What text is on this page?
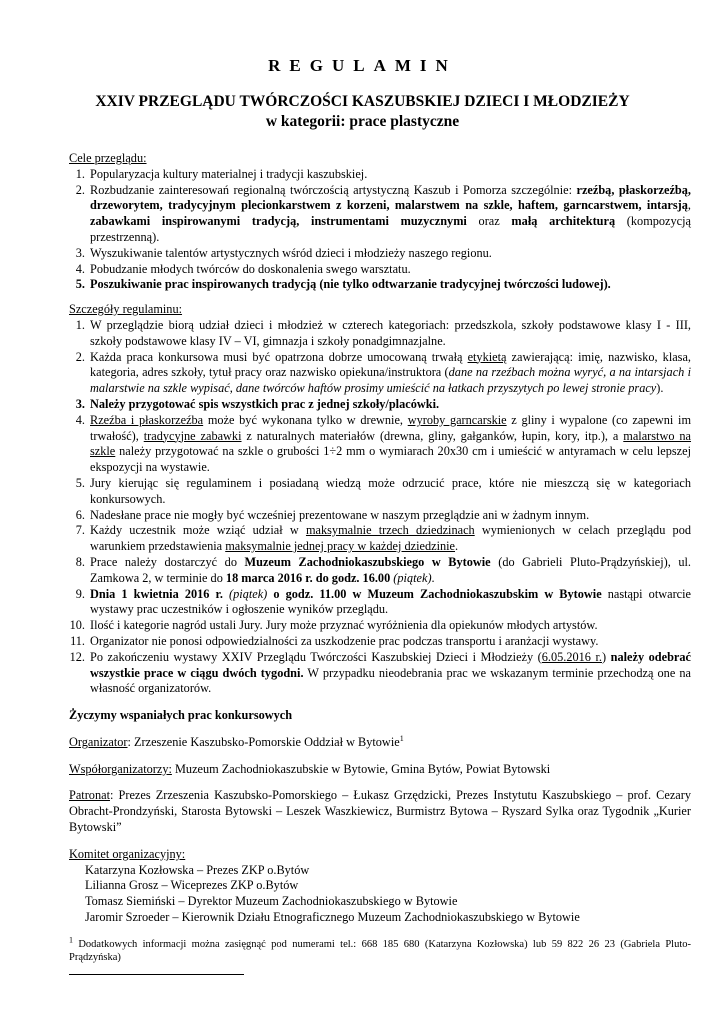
REGULAMIN
XXIV PRZEGLĄDU TWÓRCZOŚCI KASZUBSKIEJ DZIECI I MŁODZIEŻY
w kategorii: prace plastyczne
Cele przeglądu:
1. Popularyzacja kultury materialnej i tradycji kaszubskiej.
2. Rozbudzanie zainteresowań regionalną twórczością artystyczną Kaszub i Pomorza szczególnie: rzeźbą, płaskorzeźbą, drzeworytem, tradycyjnym plecionkarstwem z korzeni, malarstwem na szkle, haftem, garncarstwem, intarsją, zabawkami inspirowanymi tradycją, instrumentami muzycznymi oraz małą architekturą (kompozycją przestrzenną).
3. Wyszukiwanie talentów artystycznych wśród dzieci i młodzieży naszego regionu.
4. Pobudzanie młodych twórców do doskonalenia swego warsztatu.
5. Poszukiwanie prac inspirowanych tradycją (nie tylko odtwarzanie tradycyjnej twórczości ludowej).
Szczegóły regulaminu:
1. W przeglądzie biorą udział dzieci i młodzież w czterech kategoriach: przedszkola, szkoły podstawowe klasy I - III, szkoły podstawowe klasy IV – VI, gimnazja i szkoły ponadgimnazjalne.
2. Każda praca konkursowa musi być opatrzona dobrze umocowaną trwałą etykietą zawierającą: imię, nazwisko, klasa, kategoria, adres szkoły, tytuł pracy oraz nazwisko opiekuna/instruktora (dane na rzeźbach można wyryć, a na intarsjach i malarstwie na szkle wypisać, dane twórców haftów prosimy umieścić na łatkach przyszytych po lewej stronie pracy).
3. Należy przygotować spis wszystkich prac z jednej szkoły/placówki.
4. Rzeźba i płaskorzeźba może być wykonana tylko w drewnie, wyroby garncarskie z gliny i wypalone (co zapewni im trwałość), tradycyjne zabawki z naturalnych materiałów (drewna, gliny, gałganków, łupin, kory, itp.), a malarstwo na szkle należy przygotować na szkle o grubości 1÷2 mm o wymiarach 20x30 cm i umieścić w antyramach w celu lepszej ekspozycji na wystawie.
5. Jury kierując się regulaminem i posiadaną wiedzą może odrzucić prace, które nie mieszczą się w kategoriach konkursowych.
6. Nadesłane prace nie mogły być wcześniej prezentowane w naszym przeglądzie ani w żadnym innym.
7. Każdy uczestnik może wziąć udział w maksymalnie trzech dziedzinach wymienionych w celach przeglądu pod warunkiem przedstawienia maksymalnie jednej pracy w każdej dziedzinie.
8. Prace należy dostarczyć do Muzeum Zachodniokaszubskiego w Bytowie (do Gabrieli Pluto-Prądzyńskiej), ul. Zamkowa 2, w terminie do 18 marca 2016 r. do godz. 16.00 (piątek).
9. Dnia 1 kwietnia 2016 r. (piątek) o godz. 11.00 w Muzeum Zachodniokaszubskim w Bytowie nastąpi otwarcie wystawy prac uczestników i ogłoszenie wyników przeglądu.
10. Ilość i kategorie nagród ustali Jury. Jury może przyznać wyróżnienia dla opiekunów młodych artystów.
11. Organizator nie ponosi odpowiedzialności za uszkodzenie prac podczas transportu i aranżacji wystawy.
12. Po zakończeniu wystawy XXIV Przeglądu Twórczości Kaszubskiej Dzieci i Młodzieży (6.05.2016 r.) należy odebrać wszystkie prace w ciągu dwóch tygodni. W przypadku nieodebrania prac we wskazanym terminie przechodzą one na własność organizatorów.
Życzymy wspaniałych prac konkursowych
Organizator: Zrzeszenie Kaszubsko-Pomorskie Oddział w Bytowie$^1$
Współorganizatorzy: Muzeum Zachodniokaszubskie w Bytowie, Gmina Bytów, Powiat Bytowski
Patronat: Prezes Zrzeszenia Kaszubsko-Pomorskiego – Łukasz Grzędzicki, Prezes Instytutu Kaszubskiego – prof. Cezary Obracht-Prondzyński, Starosta Bytowski – Leszek Waszkiewicz, Burmistrz Bytowa – Ryszard Sylka oraz Tygodnik „Kurier Bytowski”
Komitet organizacyjny:
Katarzyna Kozłowska – Prezes ZKP o.Bytów
Lilianna Grosz – Wiceprezes ZKP o.Bytów
Tomasz Siemiński – Dyrektor Muzeum Zachodniokaszubskiego w Bytowie
Jaromir Szroeder – Kierownik Działu Etnograficznego Muzeum Zachodniokaszubskiego w Bytowie
$^1$ Dodatkowych informacji można zasięgnąć pod numerami tel.: 668 185 680 (Katarzyna Kozłowska) lub 59 822 26 23 (Gabriela Pluto-Prądzyńska)
